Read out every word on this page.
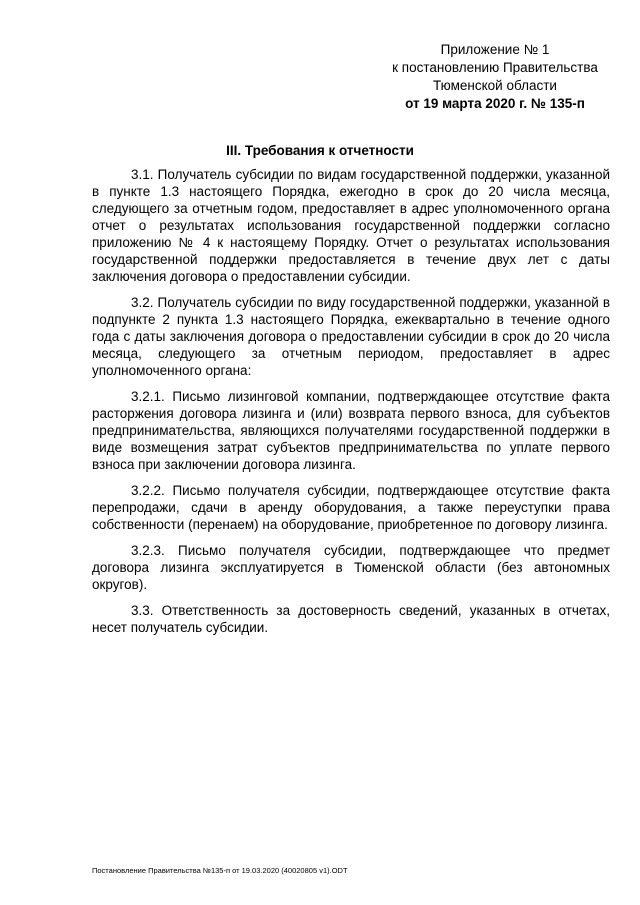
Приложение № 1
к постановлению Правительства
Тюменской области
от 19 марта 2020 г. № 135-п
III. Требования к отчетности

3.1. Получатель субсидии по видам государственной поддержки, указанной в пункте 1.3 настоящего Порядка, ежегодно в срок до 20 числа месяца, следующего за отчетным годом, предоставляет в адрес уполномоченного органа отчет о результатах использования государственной поддержки согласно приложению № 4 к настоящему Порядку. Отчет о результатах использования государственной поддержки предоставляется в течение двух лет с даты заключения договора о предоставлении субсидии.

3.2. Получатель субсидии по виду государственной поддержки, указанной в подпункте 2 пункта 1.3 настоящего Порядка, ежеквартально в течение одного года с даты заключения договора о предоставлении субсидии в срок до 20 числа месяца, следующего за отчетным периодом, предоставляет в адрес уполномоченного органа:

3.2.1. Письмо лизинговой компании, подтверждающее отсутствие факта расторжения договора лизинга и (или) возврата первого взноса, для субъектов предпринимательства, являющихся получателями государственной поддержки в виде возмещения затрат субъектов предпринимательства по уплате первого взноса при заключении договора лизинга.

3.2.2. Письмо получателя субсидии, подтверждающее отсутствие факта перепродажи, сдачи в аренду оборудования, а также переуступки права собственности (перенаем) на оборудование, приобретенное по договору лизинга.

3.2.3. Письмо получателя субсидии, подтверждающее что предмет договора лизинга эксплуатируется в Тюменской области (без автономных округов).

3.3. Ответственность за достоверность сведений, указанных в отчетах, несет получатель субсидии.

Постановление Правительства №135-п от 19.03.2020 (40020805 v1).ODT
